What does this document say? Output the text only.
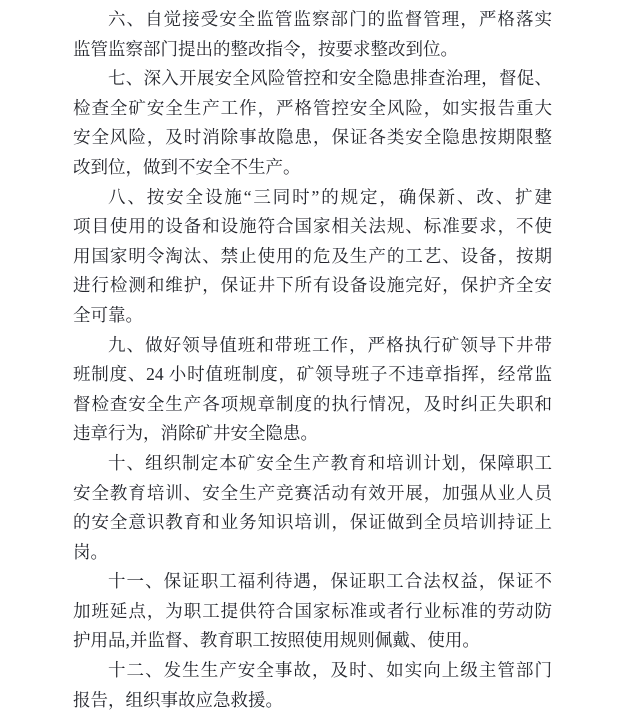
六、自觉接受安全监管监察部门的监督管理，严格落实
监管监察部门提出的整改指令，按要求整改到位。
七、深入开展安全风险管控和安全隐患排查治理，督促、
检查全矿安全生产工作，严格管控安全风险，如实报告重大
安全风险，及时消除事故隐患，保证各类安全隐患按期限整
改到位，做到不安全不生产。
八、按安全设施“三同时”的规定，确保新、改、扩建
项目使用的设备和设施符合国家相关法规、标准要求，不使
用国家明令淘汰、禁止使用的危及生产的工艺、设备，按期
进行检测和维护，保证井下所有设备设施完好，保护齐全安
全可靠。
九、做好领导值班和带班工作，严格执行矿领导下井带
班制度、24 小时值班制度，矿领导班子不违章指挥，经常监
督检查安全生产各项规章制度的执行情况，及时纠正失职和
违章行为，消除矿井安全隐患。
十、组织制定本矿安全生产教育和培训计划，保障职工
安全教育培训、安全生产竞赛活动有效开展，加强从业人员
的安全意识教育和业务知识培训，保证做到全员培训持证上
岗。
十一、保证职工福利待遇，保证职工合法权益，保证不
加班延点，为职工提供符合国家标准或者行业标准的劳动防
护用品,并监督、教育职工按照使用规则佩戴、使用。
十二、发生生产安全事故，及时、如实向上级主管部门
报告，组织事故应急救援。
